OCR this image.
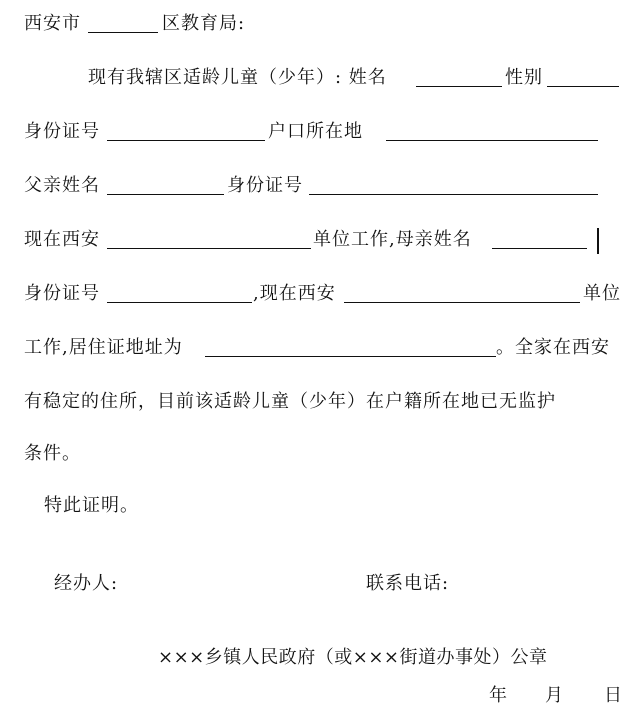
西安市	区教育局:
现有我辖区适龄儿童（少年）: 姓名	性别
身份证号	户口所在地
父亲姓名	身份证号
现在西安	单位工作,母亲姓名
身份证号	,现在西安	单位
工作,居住证地址为	。全家在西安
有稳定的住所，目前该适龄儿童（少年）在户籍所在地已无监护
条件。
特此证明。
经办人:	联系电话:
×××乡镇人民政府（或×××街道办事处）公章
年 月 日
